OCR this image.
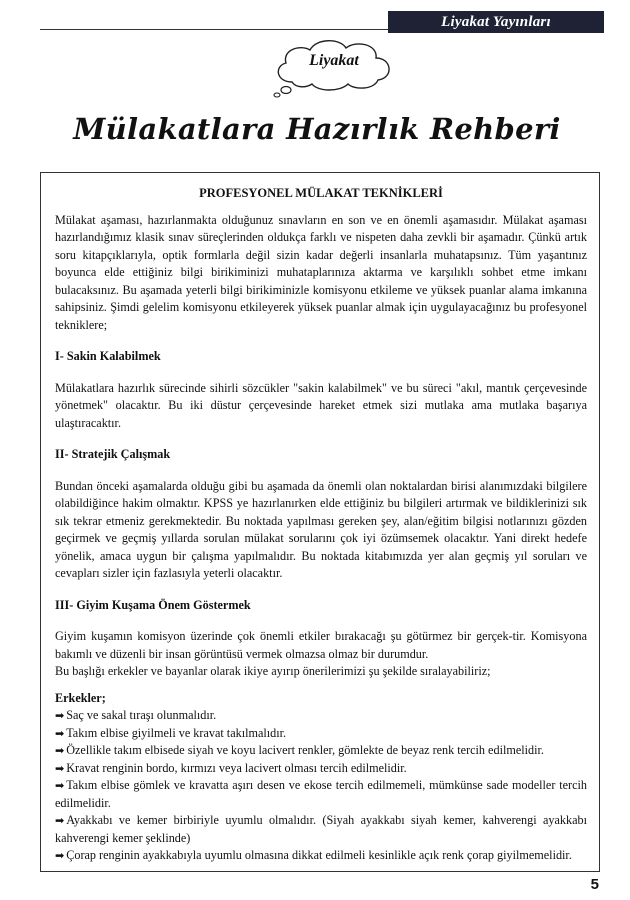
Liyakat Yayınları
Liyakat
Mülakatlara Hazırlık Rehberi
PROFESYONEL MÜLAKAT TEKNİKLERİ

Mülakat aşaması, hazırlanmakta olduğunuz sınavların en son ve en önemli aşamasıdır. Mülakat aşaması hazırlandığımız klasik sınav süreçlerinden oldukça farklı ve nispeten daha zevkli bir aşamadır. Çünkü artık soru kitapçıklarıyla, optik formlarla değil sizin kadar değerli insanlarla muhatapsınız. Tüm yaşantınız boyunca elde ettiğiniz bilgi birikiminizi muhataplarınıza aktarma ve karşılıklı sohbet etme imkanı bulacaksınız. Bu aşamada yeterli bilgi birikiminizle komisyonu etkileme ve yüksek puanlar alama imkanına sahipsiniz. Şimdi gelelim komisyonu etkileyerek yüksek puanlar almak için uygulayacağınız bu profesyonel tekniklere;

I- Sakin Kalabilmek

Mülakatlara hazırlık sürecinde sihirli sözcükler "sakin kalabilmek" ve bu süreci "akıl, mantık çerçevesinde yönetmek" olacaktır. Bu iki düstur çerçevesinde hareket etmek sizi mutlaka ama mutlaka başarıya ulaştıracaktır.

II- Stratejik Çalışmak

Bundan önceki aşamalarda olduğu gibi bu aşamada da önemli olan noktalardan birisi alanımızdaki bilgilere olabildiğince hakim olmaktır. KPSS ye hazırlanırken elde ettiğiniz bu bilgileri artırmak ve bildiklerinizi sık sık tekrar etmeniz gerekmektedir. Bu noktada yapılması gereken şey, alan/eğitim bilgisi notlarınızı gözden geçirmek ve geçmiş yıllarda sorulan mülakat sorularını çok iyi özümsemek olacaktır. Yani direkt hedefe yönelik, amaca uygun bir çalışma yapılmalıdır. Bu noktada kitabımızda yer alan geçmiş yıl soruları ve cevapları sizler için fazlasıyla yeterli olacaktır.

III- Giyim Kuşama Önem Göstermek

Giyim kuşamın komisyon üzerinde çok önemli etkiler bırakacağı şu götürmez bir gerçek-tir. Komisyona bakımlı ve düzenli bir insan görüntüsü vermek olmazsa olmaz bir durumdur.

Bu başlığı erkekler ve bayanlar olarak ikiye ayırıp önerilerimizi şu şekilde sıralayabiliriz;

Erkekler;

➡ Saç ve sakal tıraşı olunmalıdır.

➡ Takım elbise giyilmeli ve kravat takılmalıdır.

➡ Özellikle takım elbisede siyah ve koyu lacivert renkler, gömlekte de beyaz renk tercih edilmelidir.

➡ Kravat renginin bordo, kırmızı veya lacivert olması tercih edilmelidir.

➡ Takım elbise gömlek ve kravatta aşırı desen ve ekose tercih edilmemeli, mümkünse sade modeller tercih edilmelidir.

➡ Ayakkabı ve kemer birbiriyle uyumlu olmalıdır. (Siyah ayakkabı siyah kemer, kahverengi ayakkabı kahverengi kemer şeklinde)

➡ Çorap renginin ayakkabıyla uyumlu olmasına dikkat edilmeli kesinlikle açık renk çorap giyilmemelidir.

5
